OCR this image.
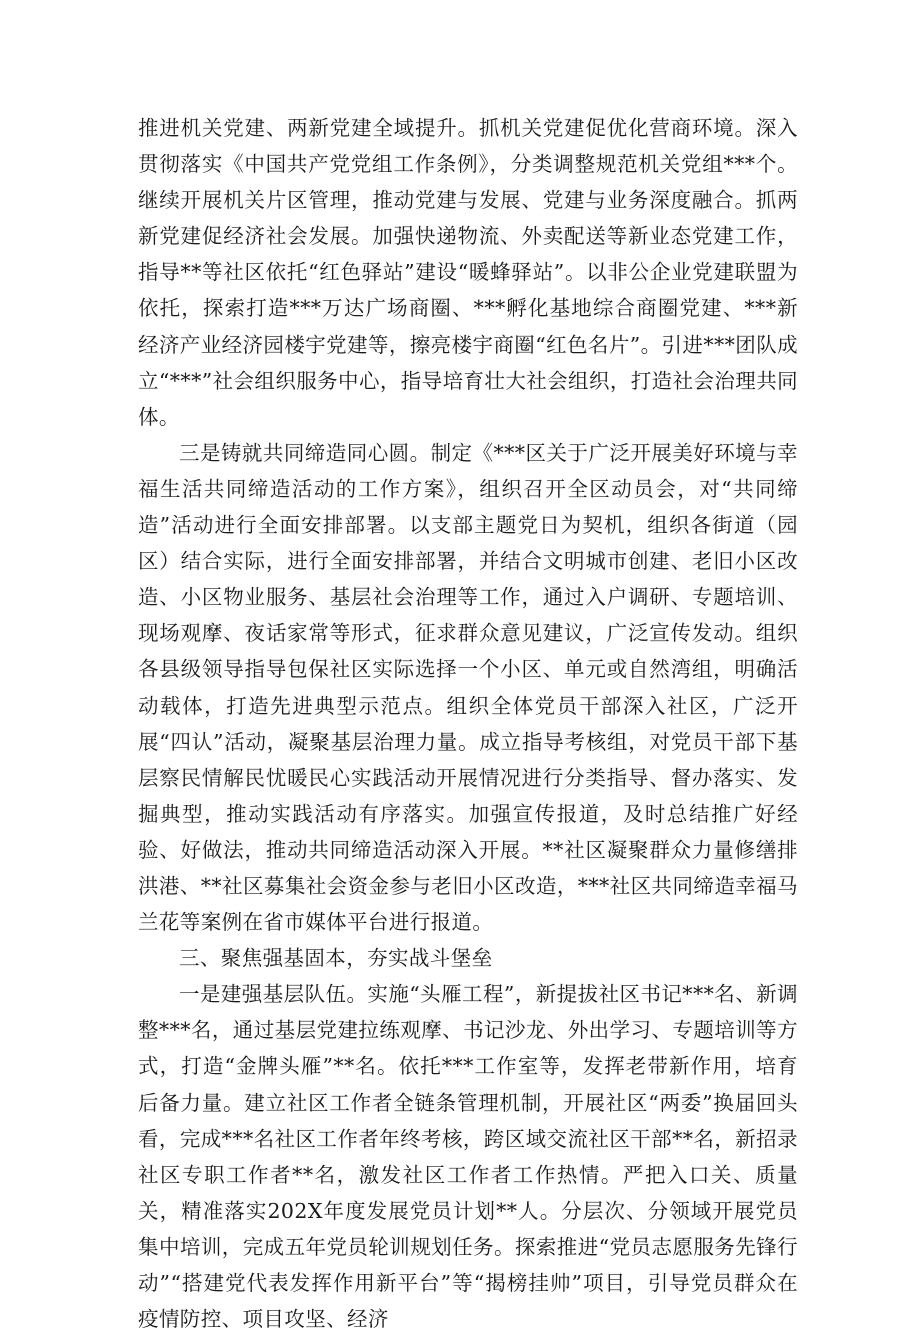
推进机关党建、两新党建全域提升。抓机关党建促优化营商环境。深入贯彻落实《中国共产党党组工作条例》，分类调整规范机关党组***个。继续开展机关片区管理，推动党建与发展、党建与业务深度融合。抓两新党建促经济社会发展。加强快递物流、外卖配送等新业态党建工作，指导**等社区依托“红色驿站”建设“暖蜂驿站”。以非公企业党建联盟为依托，探索打造***万达广场商圈、***孵化基地综合商圈党建、***新经济产业经济园楼宇党建等，擦亮楼宇商圈“红色名片”。引进***团队成立“***”社会组织服务中心，指导培育壮大社会组织，打造社会治理共同体。

三是铸就共同缔造同心圆。制定《***区关于广泛开展美好环境与幸福生活共同缔造活动的工作方案》，组织召开全区动员会，对“共同缔造”活动进行全面安排部署。以支部主题党日为契机，组织各街道（园区）结合实际，进行全面安排部署，并结合文明城市创建、老旧小区改造、小区物业服务、基层社会治理等工作，通过入户调研、专题培训、现场观摩、夜话家常等形式，征求群众意见建议，广泛宣传发动。组织各县级领导指导包保社区实际选择一个小区、单元或自然湾组，明确活动载体，打造先进典型示范点。组织全体党员干部深入社区，广泛开展“四认”活动，凝聚基层治理力量。成立指导考核组，对党员干部下基层察民情解民忧暖民心实践活动开展情况进行分类指导、督办落实、发掘典型，推动实践活动有序落实。加强宣传报道，及时总结推广好经验、好做法，推动共同缔造活动深入开展。**社区凝聚群众力量修缮排洪港、**社区募集社会资金参与老旧小区改造，***社区共同缔造幸福马兰花等案例在省市媒体平台进行报道。

三、聚焦强基固本，夯实战斗堡垒

一是建强基层队伍。实施“头雁工程”，新提拔社区书记***名、新调整***名，通过基层党建拉练观摩、书记沙龙、外出学习、专题培训等方式，打造“金牌头雁”**名。依托***工作室等，发挥老带新作用，培育后备力量。建立社区工作者全链条管理机制，开展社区“两委”换届回头看，完成***名社区工作者年终考核，跨区域交流社区干部**名，新招录社区专职工作者**名，激发社区工作者工作热情。严把入口关、质量关，精准落实202X年度发展党员计划**人。分层次、分领域开展党员集中培训，完成五年党员轮训规划任务。探索推进“党员志愿服务先锋行动”“搭建党代表发挥作用新平台”等“揭榜挂帅”项目，引导党员群众在疫情防控、项目攻坚、经济
